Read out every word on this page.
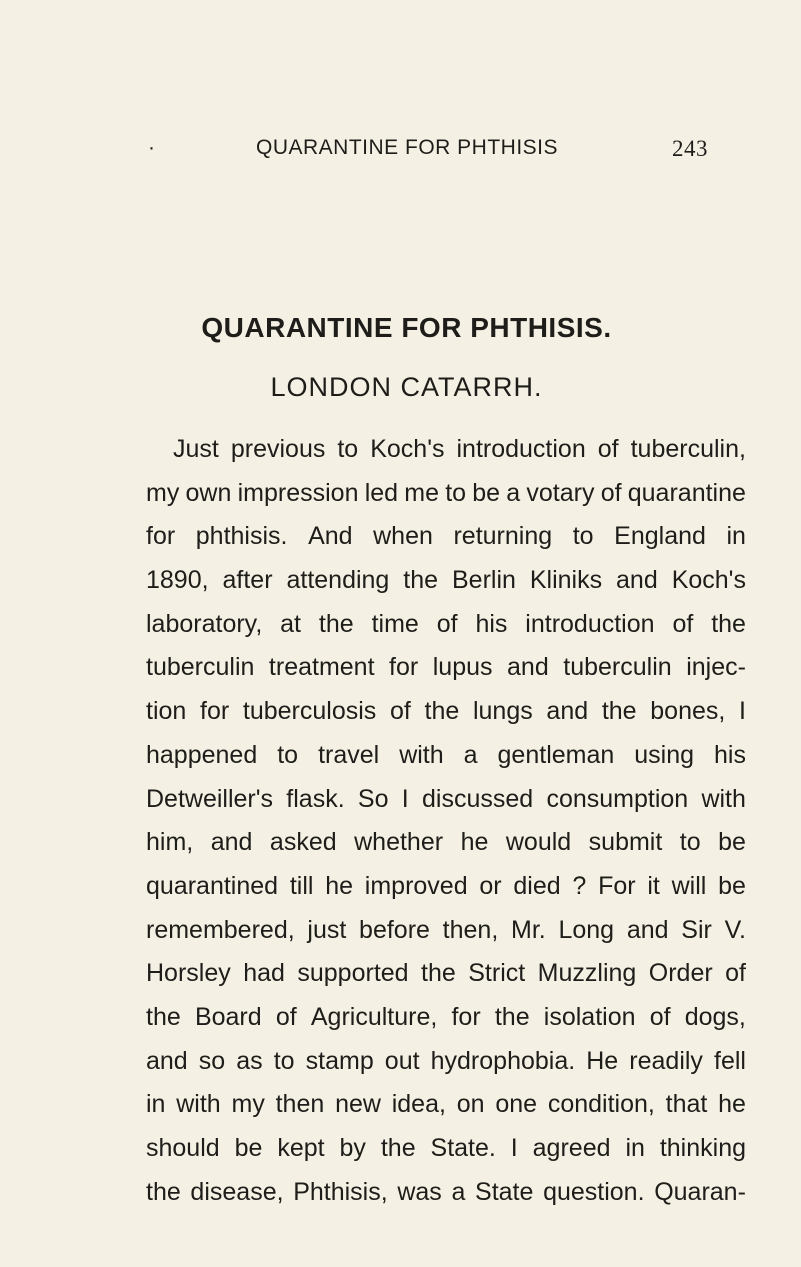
·	QUARANTINE FOR PHTHISIS	243
QUARANTINE FOR PHTHISIS.
LONDON CATARRH.
Just previous to Koch's introduction of tuberculin,
my own impression led me to be a votary of quarantine
for phthisis. And when returning to England in
1890, after attending the Berlin Kliniks and Koch's
laboratory, at the time of his introduction of the
tuberculin treatment for lupus and tuberculin injec-
tion for tuberculosis of the lungs and the bones, I
happened to travel with a gentleman using his
Detweiller's flask. So I discussed consumption with
him, and asked whether he would submit to be
quarantined till he improved or died ? For it will be
remembered, just before then, Mr. Long and Sir V.
Horsley had supported the Strict Muzzling Order of
the Board of Agriculture, for the isolation of dogs,
and so as to stamp out hydrophobia. He readily fell
in with my then new idea, on one condition, that he
should be kept by the State. I agreed in thinking
the disease, Phthisis, was a State question. Quaran-
